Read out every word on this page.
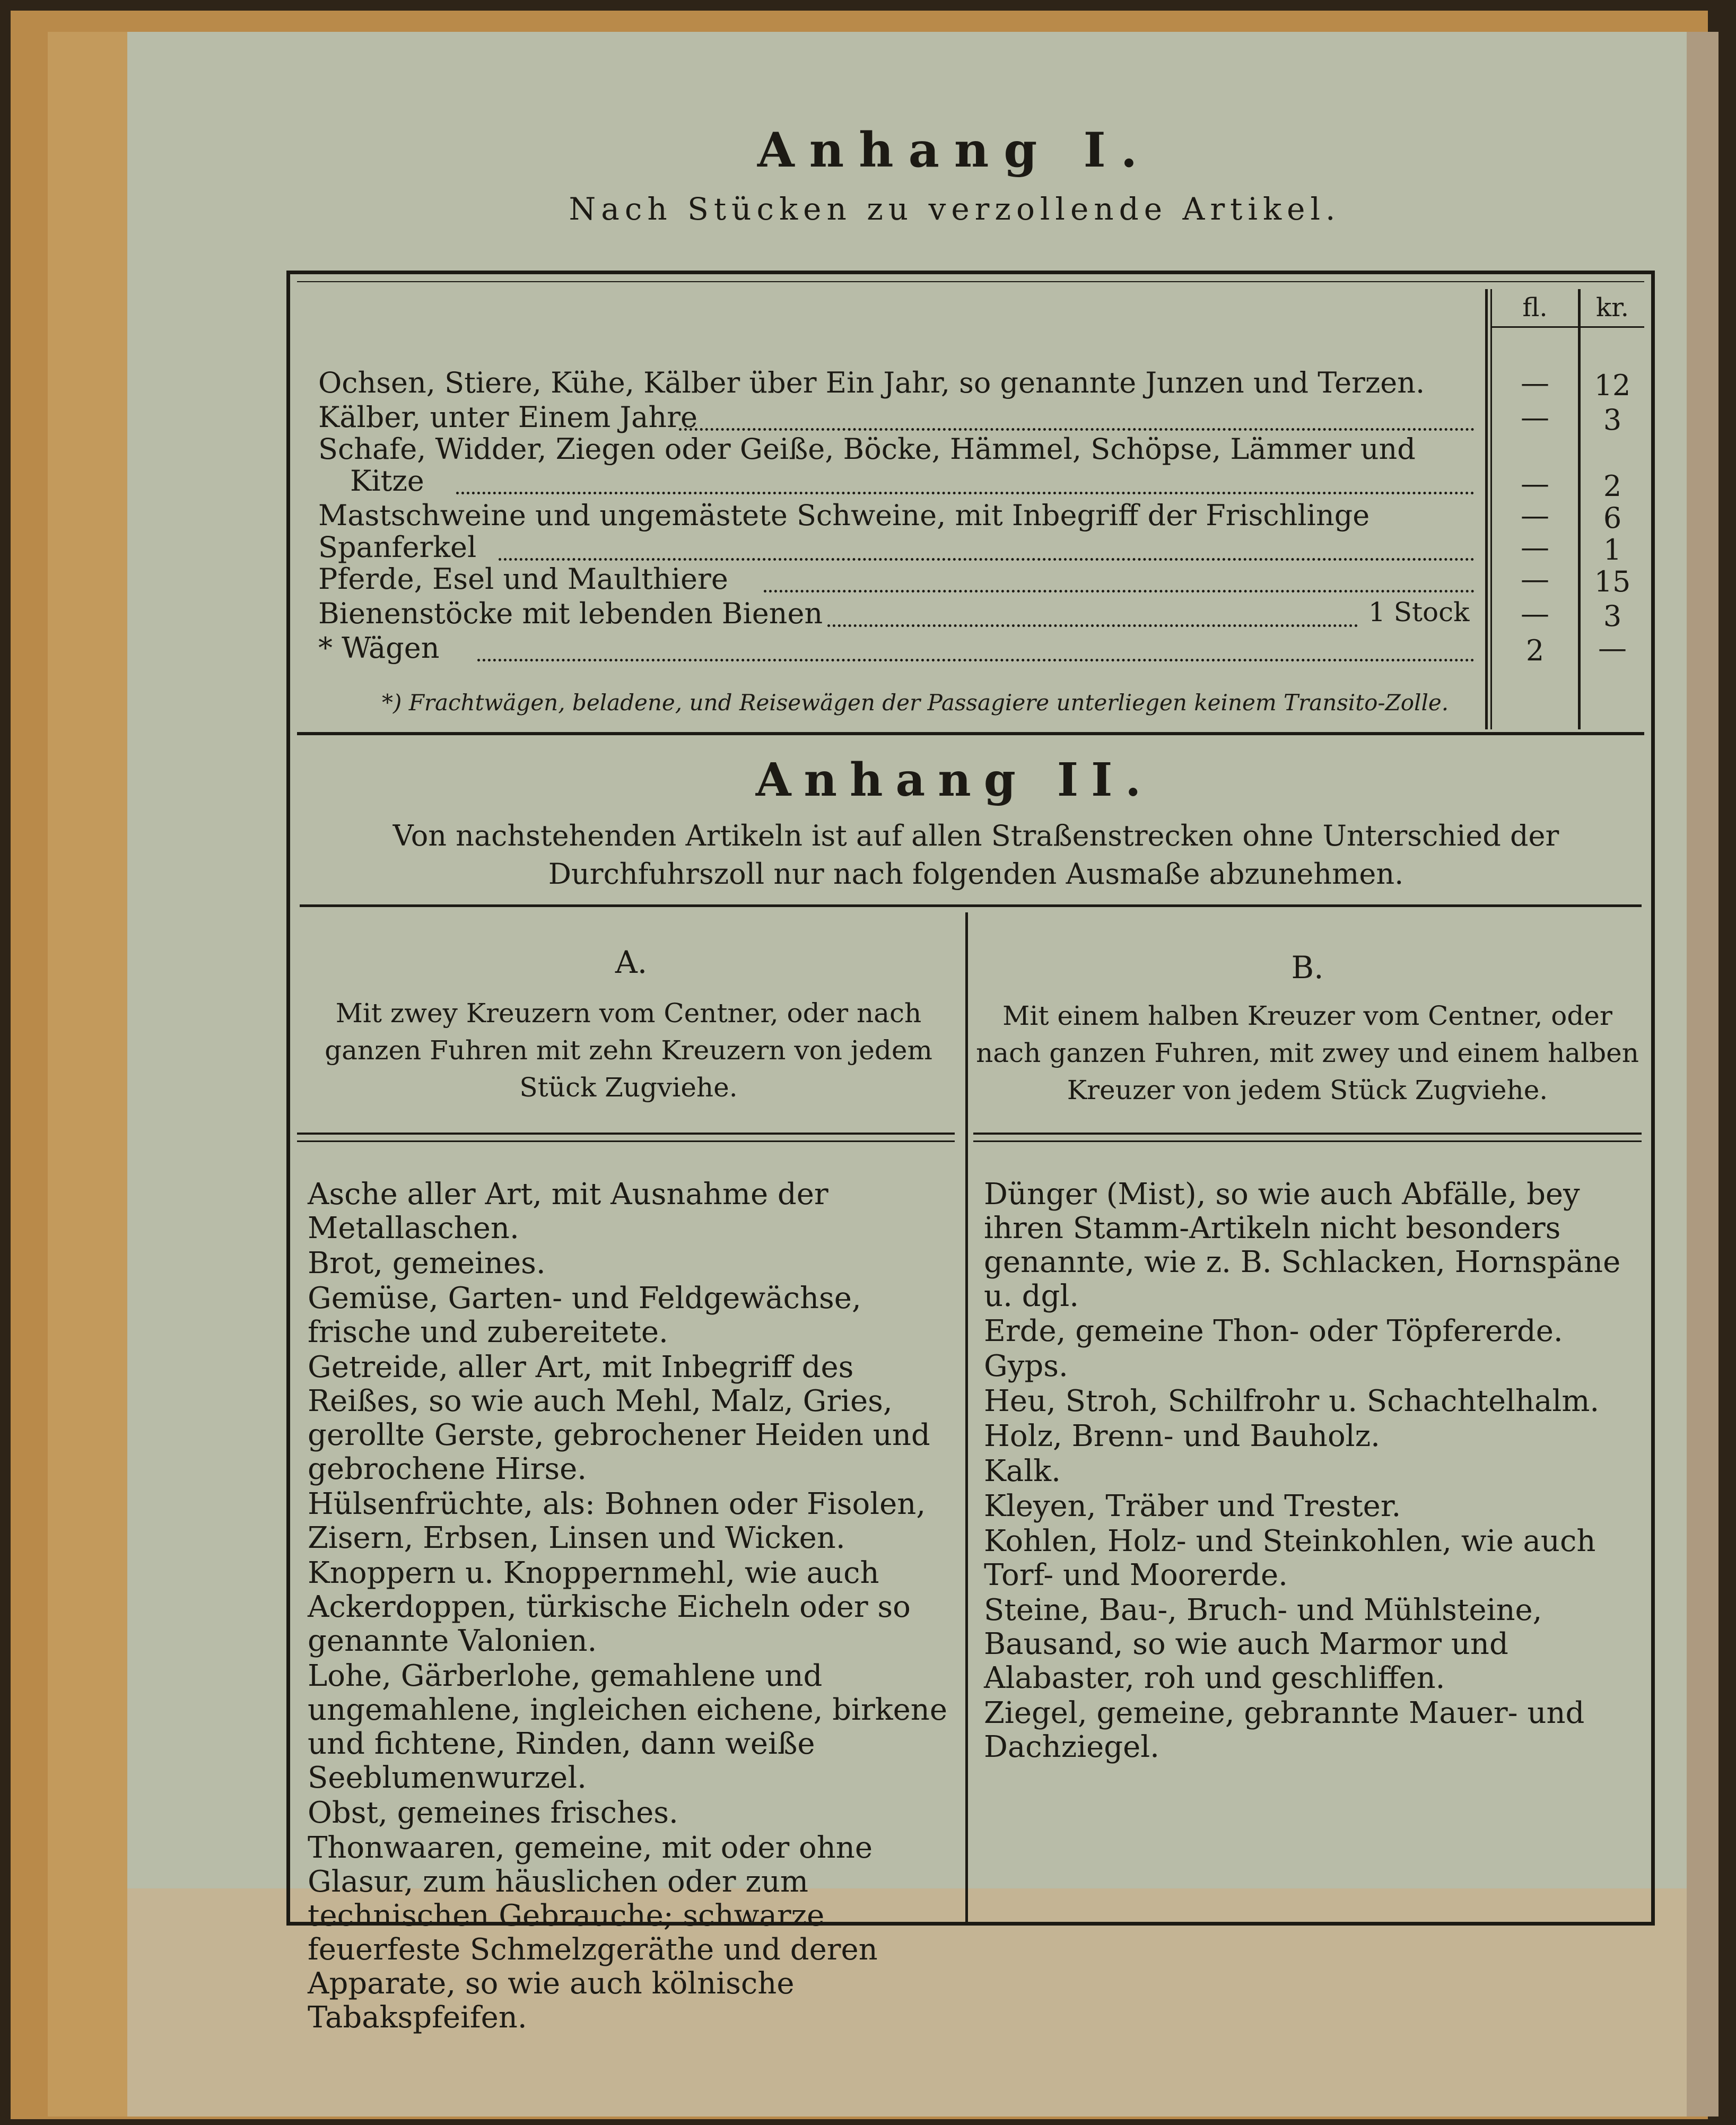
Anhang I.
Nach Stücken zu verzollende Artikel.
fl.	kr.
Ochsen, Stiere, Kühe, Kälber über Ein Jahr, so genannte Junzen und Terzen.	—	12
Kälber, unter Einem Jahre	—	3
Schafe, Widder, Ziegen oder Geiße, Böcke, Hämmel, Schöpse, Lämmer und
Kitze	—	2
Mastschweine und ungemästete Schweine, mit Inbegriff der Frischlinge	—	6
Spanferkel	—	1
Pferde, Esel und Maulthiere	—	15
Bienenstöcke mit lebenden Bienen	1 Stock	—	3
* Wägen	2	—
*) Frachtwägen, beladene, und Reisewägen der Passagiere unterliegen keinem Transito-Zolle.
Anhang II.
Von nachstehenden Artikeln ist auf allen Straßenstrecken ohne Unterschied der Durchfuhrszoll nur nach folgenden Ausmaße abzunehmen.
A.
Mit zwey Kreuzern vom Centner, oder nach ganzen Fuhren mit zehn Kreuzern von jedem Stück Zugviehe.
B.
Mit einem halben Kreuzer vom Centner, oder nach ganzen Fuhren, mit zwey und einem halben Kreuzer von jedem Stück Zugviehe.
Asche aller Art, mit Ausnahme der Metallaschen.
Brot, gemeines.
Gemüse, Garten- und Feldgewächse, frische und zubereitete.
Getreide, aller Art, mit Inbegriff des Reißes, so wie auch Mehl, Malz, Gries, gerollte Gerste, gebrochener Heiden und gebrochene Hirse.
Hülsenfrüchte, als: Bohnen oder Fisolen, Zisern, Erbsen, Linsen und Wicken.
Knoppern u. Knoppernmehl, wie auch Ackerdoppen, türkische Eicheln oder so genannte Valonien.
Lohe, Gärberlohe, gemahlene und ungemahlene, ingleichen eichene, birkene und fichtene, Rinden, dann weiße Seeblumenwurzel.
Obst, gemeines frisches.
Thonwaaren, gemeine, mit oder ohne Glasur, zum häuslichen oder zum technischen Gebrauche; schwarze feuerfeste Schmelzgeräthe und deren Apparate, so wie auch kölnische Tabakspfeifen.
Dünger (Mist), so wie auch Abfälle, bey ihren Stamm-Artikeln nicht besonders genannte, wie z. B. Schlacken, Hornspäne u. dgl.
Erde, gemeine Thon- oder Töpfererde.
Gyps.
Heu, Stroh, Schilfrohr u. Schachtelhalm.
Holz, Brenn- und Bauholz.
Kalk.
Kleyen, Träber und Trester.
Kohlen, Holz- und Steinkohlen, wie auch Torf- und Moorerde.
Steine, Bau-, Bruch- und Mühlsteine, Bausand, so wie auch Marmor und Alabaster, roh und geschliffen.
Ziegel, gemeine, gebrannte Mauer- und Dachziegel.
